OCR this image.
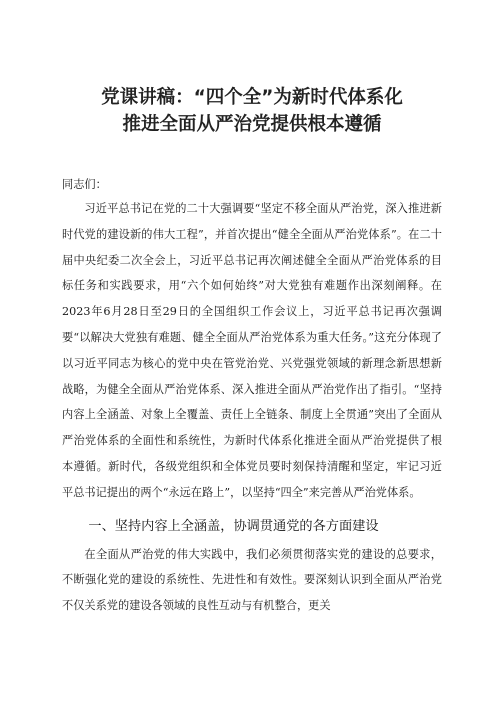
党课讲稿：“四个全”为新时代体系化
推进全面从严治党提供根本遵循
同志们：

习近平总书记在党的二十大强调要“坚定不移全面从严治党，深入推进新时代党的建设新的伟大工程”，并首次提出“健全全面从严治党体系”。在二十届中央纪委二次全会上，习近平总书记再次阐述健全全面从严治党体系的目标任务和实践要求，用“六个如何始终”对大党独有难题作出深刻阐释。在2023年6月28日至29日的全国组织工作会议上，习近平总书记再次强调要“以解决大党独有难题、健全全面从严治党体系为重大任务。”这充分体现了以习近平同志为核心的党中央在管党治党、兴党强党领域的新理念新思想新战略，为健全全面从严治党体系、深入推进全面从严治党作出了指引。“坚持内容上全涵盖、对象上全覆盖、责任上全链条、制度上全贯通”突出了全面从严治党体系的全面性和系统性，为新时代体系化推进全面从严治党提供了根本遵循。新时代，各级党组织和全体党员要时刻保持清醒和坚定，牢记习近平总书记提出的两个“永远在路上”，以坚持“四全”来完善从严治党体系。

一、坚持内容上全涵盖，协调贯通党的各方面建设

在全面从严治党的伟大实践中，我们必须贯彻落实党的建设的总要求，不断强化党的建设的系统性、先进性和有效性。要深刻认识到全面从严治党不仅关系党的建设各领域的良性互动与有机整合，更关
